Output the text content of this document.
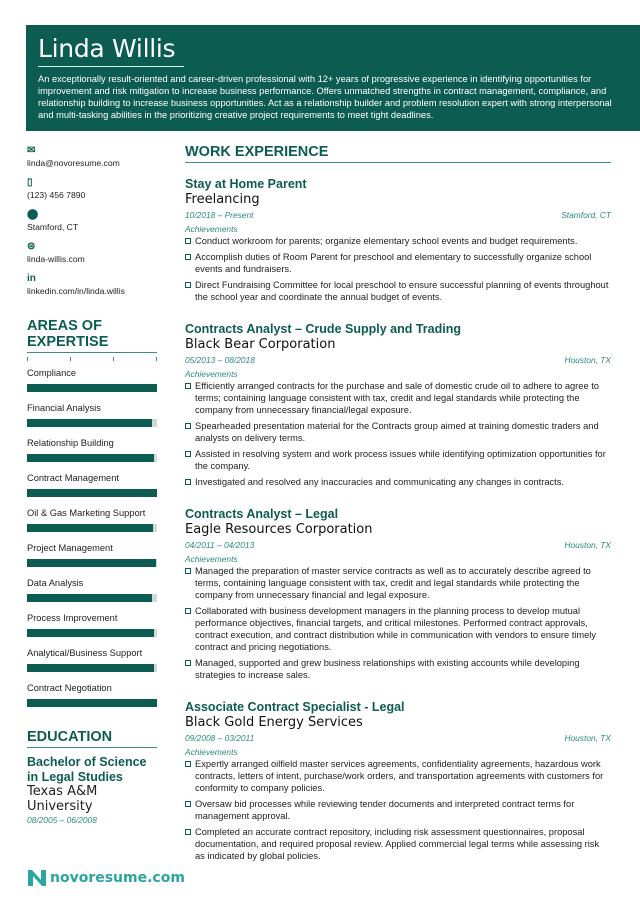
Linda Willis
An exceptionally result-oriented and career-driven professional with 12+ years of progressive experience in identifying opportunities for improvement and risk mitigation to increase business performance. Offers unmatched strengths in contract management, compliance, and relationship building to increase business opportunities. Act as a relationship builder and problem resolution expert with strong interpersonal and multi-tasking abilities in the prioritizing creative project requirements to meet tight deadlines.
✉
linda@novoresume.com
▯
(123) 456 7890
⬤
Stamford, CT
⊜
linda-willis.com
in
linkedin.com/in/linda.willis
AREAS OF EXPERTISE
Compliance
Financial Analysis
Relationship Building
Contract Management
Oil & Gas Marketing Support
Project Management
Data Analysis
Process Improvement
Analytical/Business Support
Contract Negotiation
EDUCATION
Bachelor of Science in Legal Studies
Texas A&M University
08/2005 – 06/2008
WORK EXPERIENCE
Stay at Home Parent
Freelancing
10/2018 – Present	Stamford, CT
Achievements
Conduct workroom for parents; organize elementary school events and budget requirements.
Accomplish duties of Room Parent for preschool and elementary to successfully organize school events and fundraisers.
Direct Fundraising Committee for local preschool to ensure successful planning of events throughout the school year and coordinate the annual budget of events.
Contracts Analyst – Crude Supply and Trading
Black Bear Corporation
05/2013 – 08/2018	Houston, TX
Achievements
Efficiently arranged contracts for the purchase and sale of domestic crude oil to adhere to agree to terms; containing language consistent with tax, credit and legal standards while protecting the company from unnecessary financial/legal exposure.
Spearheaded presentation material for the Contracts group aimed at training domestic traders and analysts on delivery terms.
Assisted in resolving system and work process issues while identifying optimization opportunities for the company.
Investigated and resolved any inaccuracies and communicating any changes in contracts.
Contracts Analyst – Legal
Eagle Resources Corporation
04/2011 – 04/2013	Houston, TX
Achievements
Managed the preparation of master service contracts as well as to accurately describe agreed to terms, containing language consistent with tax, credit and legal standards while protecting the company from unnecessary financial and legal exposure.
Collaborated with business development managers in the planning process to develop mutual performance objectives, financial targets, and critical milestones. Performed contract approvals, contract execution, and contract distribution while in communication with vendors to ensure timely contract and pricing negotiations.
Managed, supported and grew business relationships with existing accounts while developing strategies to increase sales.
Associate Contract Specialist - Legal
Black Gold Energy Services
09/2008 – 03/2011	Houston, TX
Achievements
Expertly arranged oilfield master services agreements, confidentiality agreements, hazardous work contracts, letters of intent, purchase/work orders, and transportation agreements with customers for conformity to company policies.
Oversaw bid processes while reviewing tender documents and interpreted contract terms for management approval.
Completed an accurate contract repository, including risk assessment questionnaires, proposal documentation, and required proposal review. Applied commercial legal terms while assessing risk as indicated by global policies.
novoresume.com
